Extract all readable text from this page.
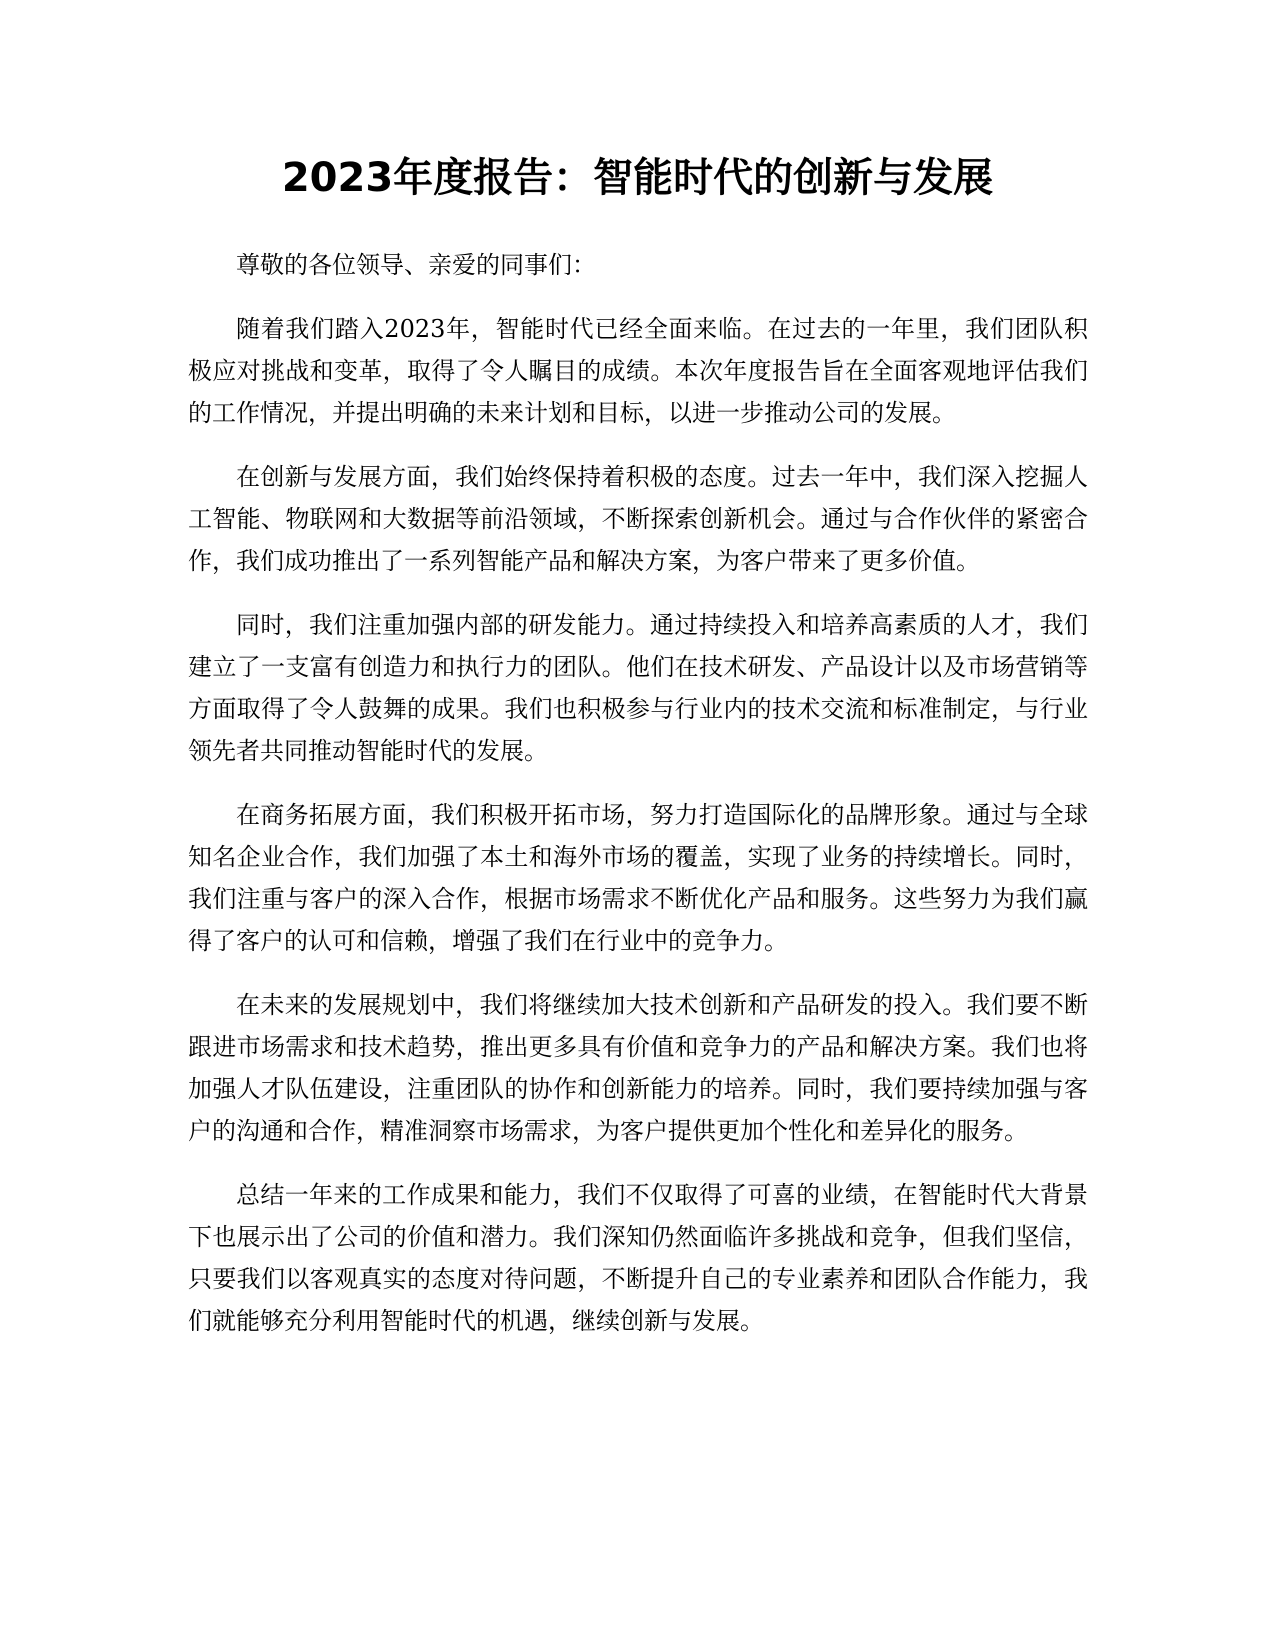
2023年度报告：智能时代的创新与发展

尊敬的各位领导、亲爱的同事们：

随着我们踏入2023年，智能时代已经全面来临。在过去的一年里，我们团队积极应对挑战和变革，取得了令人瞩目的成绩。本次年度报告旨在全面客观地评估我们的工作情况，并提出明确的未来计划和目标，以进一步推动公司的发展。

在创新与发展方面，我们始终保持着积极的态度。过去一年中，我们深入挖掘人工智能、物联网和大数据等前沿领域，不断探索创新机会。通过与合作伙伴的紧密合作，我们成功推出了一系列智能产品和解决方案，为客户带来了更多价值。

同时，我们注重加强内部的研发能力。通过持续投入和培养高素质的人才，我们建立了一支富有创造力和执行力的团队。他们在技术研发、产品设计以及市场营销等方面取得了令人鼓舞的成果。我们也积极参与行业内的技术交流和标准制定，与行业领先者共同推动智能时代的发展。

在商务拓展方面，我们积极开拓市场，努力打造国际化的品牌形象。通过与全球知名企业合作，我们加强了本土和海外市场的覆盖，实现了业务的持续增长。同时，我们注重与客户的深入合作，根据市场需求不断优化产品和服务。这些努力为我们赢得了客户的认可和信赖，增强了我们在行业中的竞争力。

在未来的发展规划中，我们将继续加大技术创新和产品研发的投入。我们要不断跟进市场需求和技术趋势，推出更多具有价值和竞争力的产品和解决方案。我们也将加强人才队伍建设，注重团队的协作和创新能力的培养。同时，我们要持续加强与客户的沟通和合作，精准洞察市场需求，为客户提供更加个性化和差异化的服务。

总结一年来的工作成果和能力，我们不仅取得了可喜的业绩，在智能时代大背景下也展示出了公司的价值和潜力。我们深知仍然面临许多挑战和竞争，但我们坚信，只要我们以客观真实的态度对待问题，不断提升自己的专业素养和团队合作能力，我们就能够充分利用智能时代的机遇，继续创新与发展。
